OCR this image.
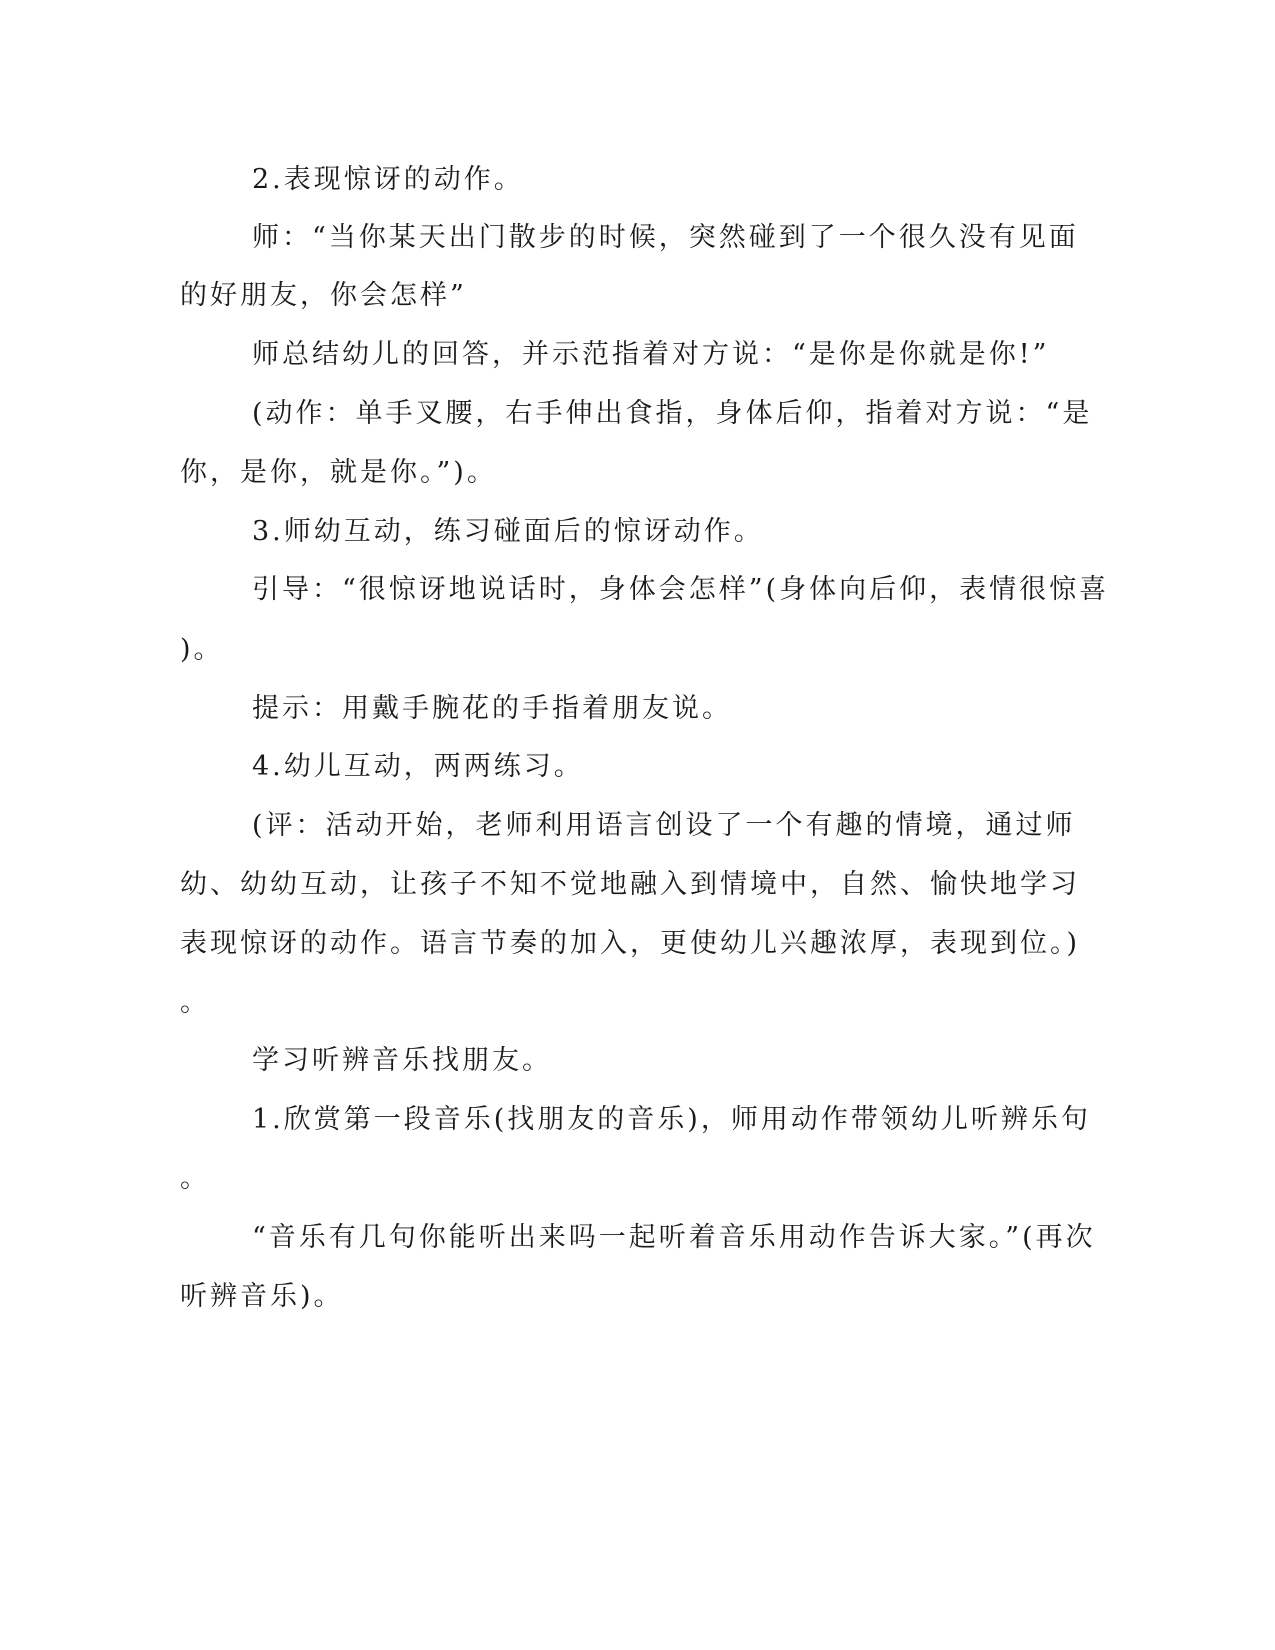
2.表现惊讶的动作。

师：“当你某天出门散步的时候，突然碰到了一个很久没有见面

的好朋友，你会怎样”

师总结幼儿的回答，并示范指着对方说：“是你是你就是你!”

(动作：单手叉腰，右手伸出食指，身体后仰，指着对方说：“是

你，是你，就是你。”)。

3.师幼互动，练习碰面后的惊讶动作。

引导：“很惊讶地说话时，身体会怎样”(身体向后仰，表情很惊喜

)。

提示：用戴手腕花的手指着朋友说。

4.幼儿互动，两两练习。

(评：活动开始，老师利用语言创设了一个有趣的情境，通过师

幼、幼幼互动，让孩子不知不觉地融入到情境中，自然、愉快地学习

表现惊讶的动作。语言节奏的加入，更使幼儿兴趣浓厚，表现到位。)

。

学习听辨音乐找朋友。

1.欣赏第一段音乐(找朋友的音乐)，师用动作带领幼儿听辨乐句

。

“音乐有几句你能听出来吗一起听着音乐用动作告诉大家。”(再次

听辨音乐)。
